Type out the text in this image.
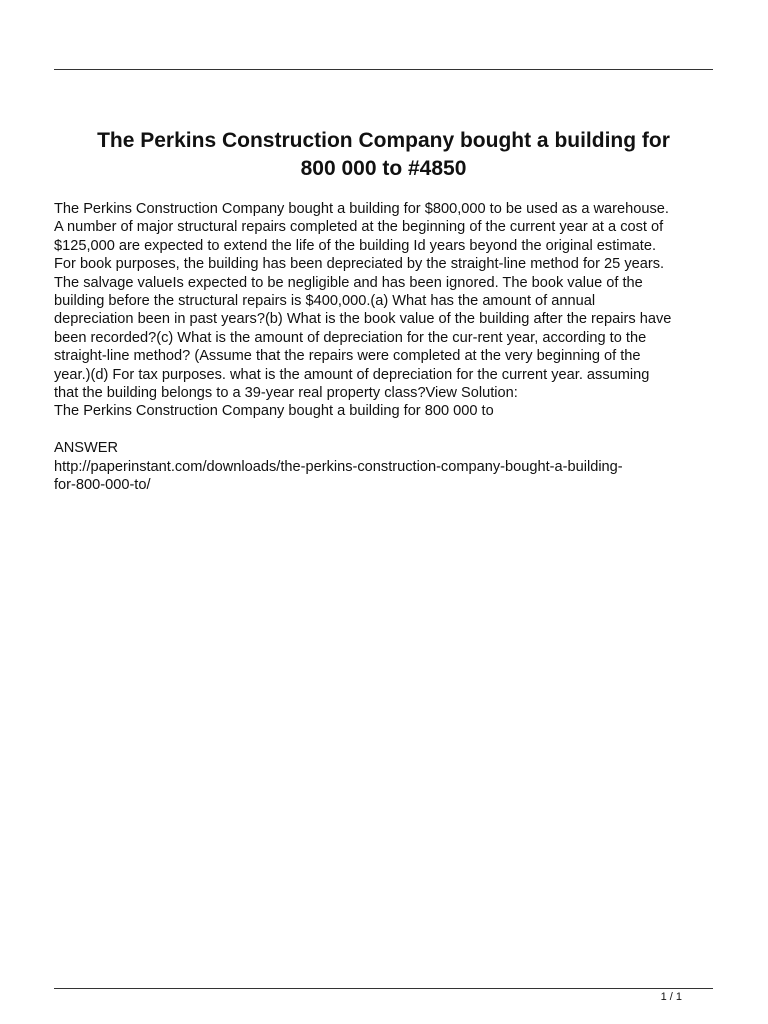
The Perkins Construction Company bought a building for
800 000 to #4850
The Perkins Construction Company bought a building for $800,000 to be used as a warehouse.
A number of major structural repairs completed at the beginning of the current year at a cost of
$125,000 are expected to extend the life of the building Id years beyond the original estimate.
For book purposes, the building has been depreciated by the straight-line method for 25 years.
The salvage valueIs expected to be negligible and has been ignored. The book value of the
building before the structural repairs is $400,000.(a) What has the amount of annual
depreciation been in past years?(b) What is the book value of the building after the repairs have
been recorded?(c) What is the amount of depreciation for the cur-rent year, according to the
straight-line method? (Assume that the repairs were completed at the very beginning of the
year.)(d) For tax purposes. what is the amount of depreciation for the current year. assuming
that the building belongs to a 39-year real property class?View Solution:
The Perkins Construction Company bought a building for 800 000 to
ANSWER
http://paperinstant.com/downloads/the-perkins-construction-company-bought-a-building-
for-800-000-to/
1 / 1
